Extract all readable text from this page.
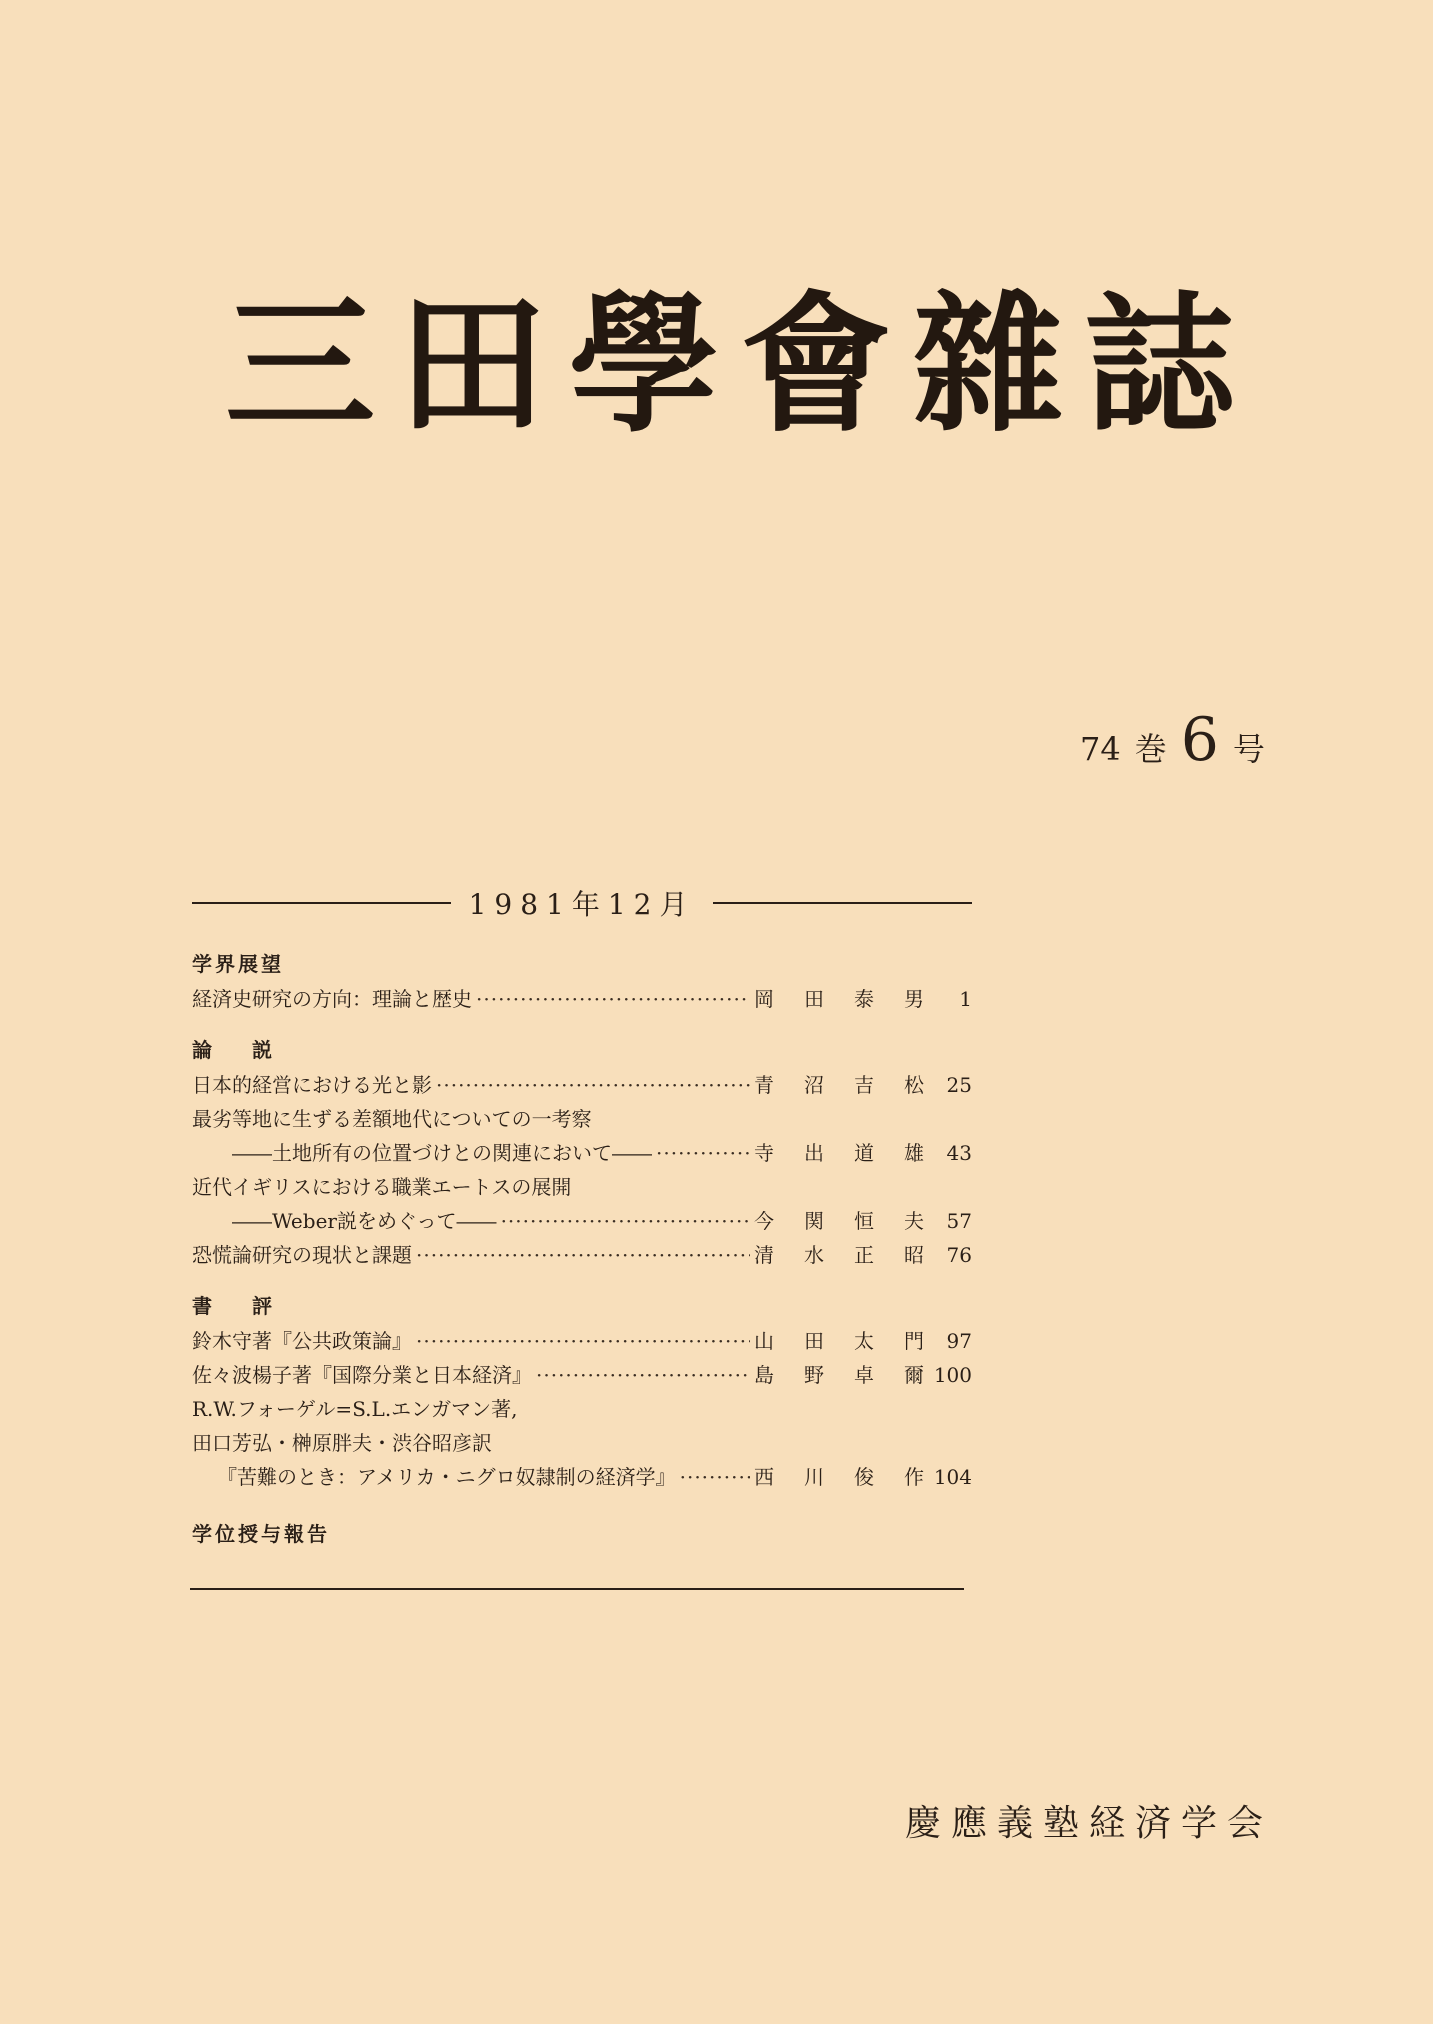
三 田 學 會 雜 誌
74 巻 6 号
1981年12月
学界展望
経済史研究の方向：理論と歴史 ·····	岡 田 泰 男	1
論説
日本的経営における光と影 ·····	青 沼 吉 松	25
最劣等地に生ずる差額地代についての一考察
――土地所有の位置づけとの関連において―― ·····	寺 出 道 雄	43
近代イギリスにおける職業エートスの展開
――Weber説をめぐって―― ·····	今 関 恒 夫	57
恐慌論研究の現状と課題 ·····	清 水 正 昭	76
書評
鈴木守著『公共政策論』 ·····	山 田 太 門	97
佐々波楊子著『国際分業と日本経済』 ·····	島 野 卓 爾 100
R.W.フォーゲル=S.L.エンガマン著,
田口芳弘・榊原胖夫・渋谷昭彦訳
『苦難のとき：アメリカ・ニグロ奴隷制の経済学』 ·····	西 川 俊 作 104
学位授与報告
慶應義塾経済学会
